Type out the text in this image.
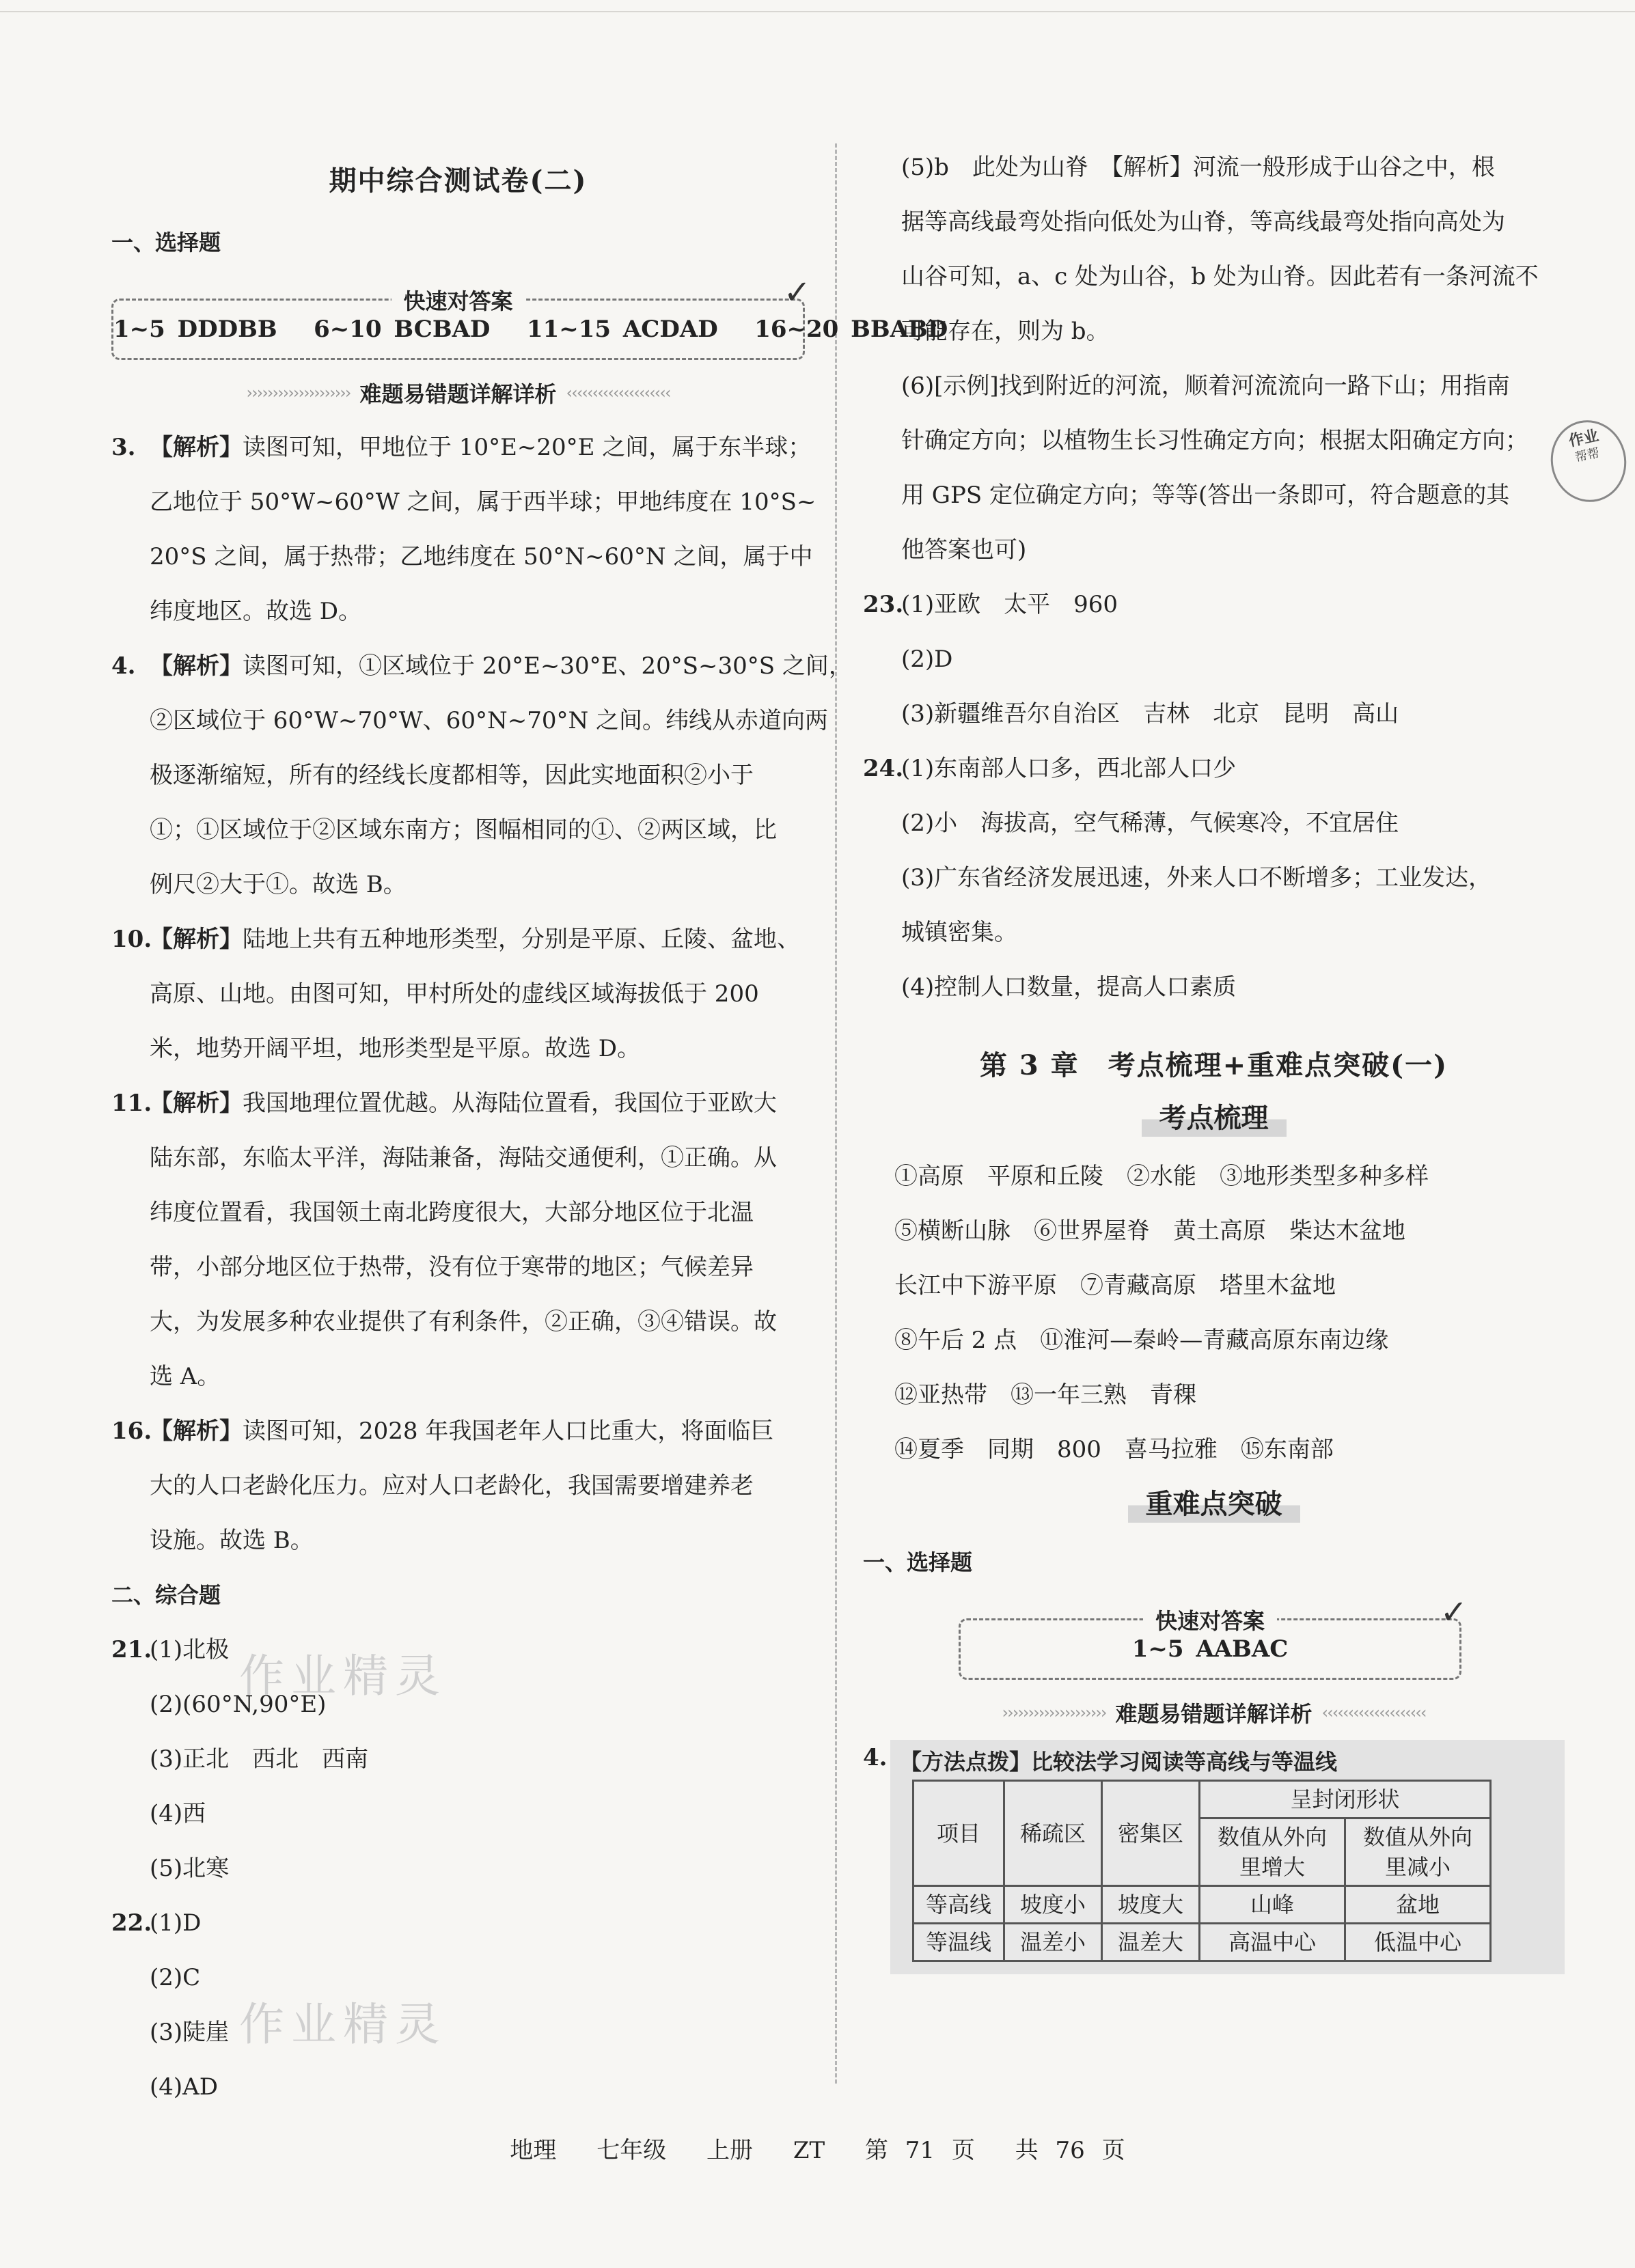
期中综合测试卷(二)
一、选择题
快速对答案
1~5 DDDBB 6~10 BCBAD 11~15 ACDAD 16~20 BBABD
✓
›››››››››››››››››››› 难题易错题详解详析 ‹‹‹‹‹‹‹‹‹‹‹‹‹‹‹‹‹‹‹‹

3. 【解析】读图可知，甲地位于 10°E~20°E 之间，属于东半球；

乙地位于 50°W~60°W 之间，属于西半球；甲地纬度在 10°S~

20°S 之间，属于热带；乙地纬度在 50°N~60°N 之间，属于中

纬度地区。故选 D。

4. 【解析】读图可知，①区域位于 20°E~30°E、20°S~30°S 之间，

②区域位于 60°W~70°W、60°N~70°N 之间。纬线从赤道向两

极逐渐缩短，所有的经线长度都相等，因此实地面积②小于

①；①区域位于②区域东南方；图幅相同的①、②两区域，比

例尺②大于①。故选 B。

10.【解析】陆地上共有五种地形类型，分别是平原、丘陵、盆地、

高原、山地。由图可知，甲村所处的虚线区域海拔低于 200

米，地势开阔平坦，地形类型是平原。故选 D。

11.【解析】我国地理位置优越。从海陆位置看，我国位于亚欧大

陆东部，东临太平洋，海陆兼备，海陆交通便利，①正确。从

纬度位置看，我国领土南北跨度很大，大部分地区位于北温

带，小部分地区位于热带，没有位于寒带的地区；气候差异

大，为发展多种农业提供了有利条件，②正确，③④错误。故

选 A。

16.【解析】读图可知，2028 年我国老年人口比重大，将面临巨

大的人口老龄化压力。应对人口老龄化，我国需要增建养老

设施。故选 B。

二、综合题

21.(1)北极

(2)(60°N,90°E)

(3)正北　西北　西南

(4)西

(5)北寒

22.(1)D

(2)C

(3)陡崖

(4)AD

作业精灵
作业精灵

(5)b　此处为山脊　【解析】河流一般形成于山谷之中，根

据等高线最弯处指向低处为山脊，等高线最弯处指向高处为

山谷可知，a、c 处为山谷，b 处为山脊。因此若有一条河流不

可能存在，则为 b。

(6)[示例]找到附近的河流，顺着河流流向一路下山；用指南

针确定方向；以植物生长习性确定方向；根据太阳确定方向；

用 GPS 定位确定方向；等等(答出一条即可，符合题意的其

他答案也可)

23.(1)亚欧　太平　960

(2)D

(3)新疆维吾尔自治区　吉林　北京　昆明　高山

24.(1)东南部人口多，西北部人口少

(2)小　海拔高，空气稀薄，气候寒冷，不宜居住

(3)广东省经济发展迅速，外来人口不断增多；工业发达，

城镇密集。

(4)控制人口数量，提高人口素质

第 3 章　考点梳理+重难点突破(一)
考点梳理

①高原　平原和丘陵　②水能　③地形类型多种多样

⑤横断山脉　⑥世界屋脊　黄土高原　柴达木盆地

长江中下游平原　⑦青藏高原　塔里木盆地

⑧午后 2 点　⑪淮河—秦岭—青藏高原东南边缘

⑫亚热带　⑬一年三熟　青稞

⑭夏季　同期　800　喜马拉雅　⑮东南部

重难点突破
一、选择题
快速对答案
1~5 AABAC
✓
›››››››››››››››››››› 难题易错题详解详析 ‹‹‹‹‹‹‹‹‹‹‹‹‹‹‹‹‹‹‹‹
4. 【方法点拨】比较法学习阅读等高线与等温线
项目	稀疏区	密集区	呈封闭形状	
			数值从外向里增大	数值从外向里减小
等高线	坡度小	坡度大	山峰	盆地
等温线	温差小	温差大	高温中心	低温中心
作业
帮帮
地理 七年级 上册 ZT 第 71 页 共 76 页
